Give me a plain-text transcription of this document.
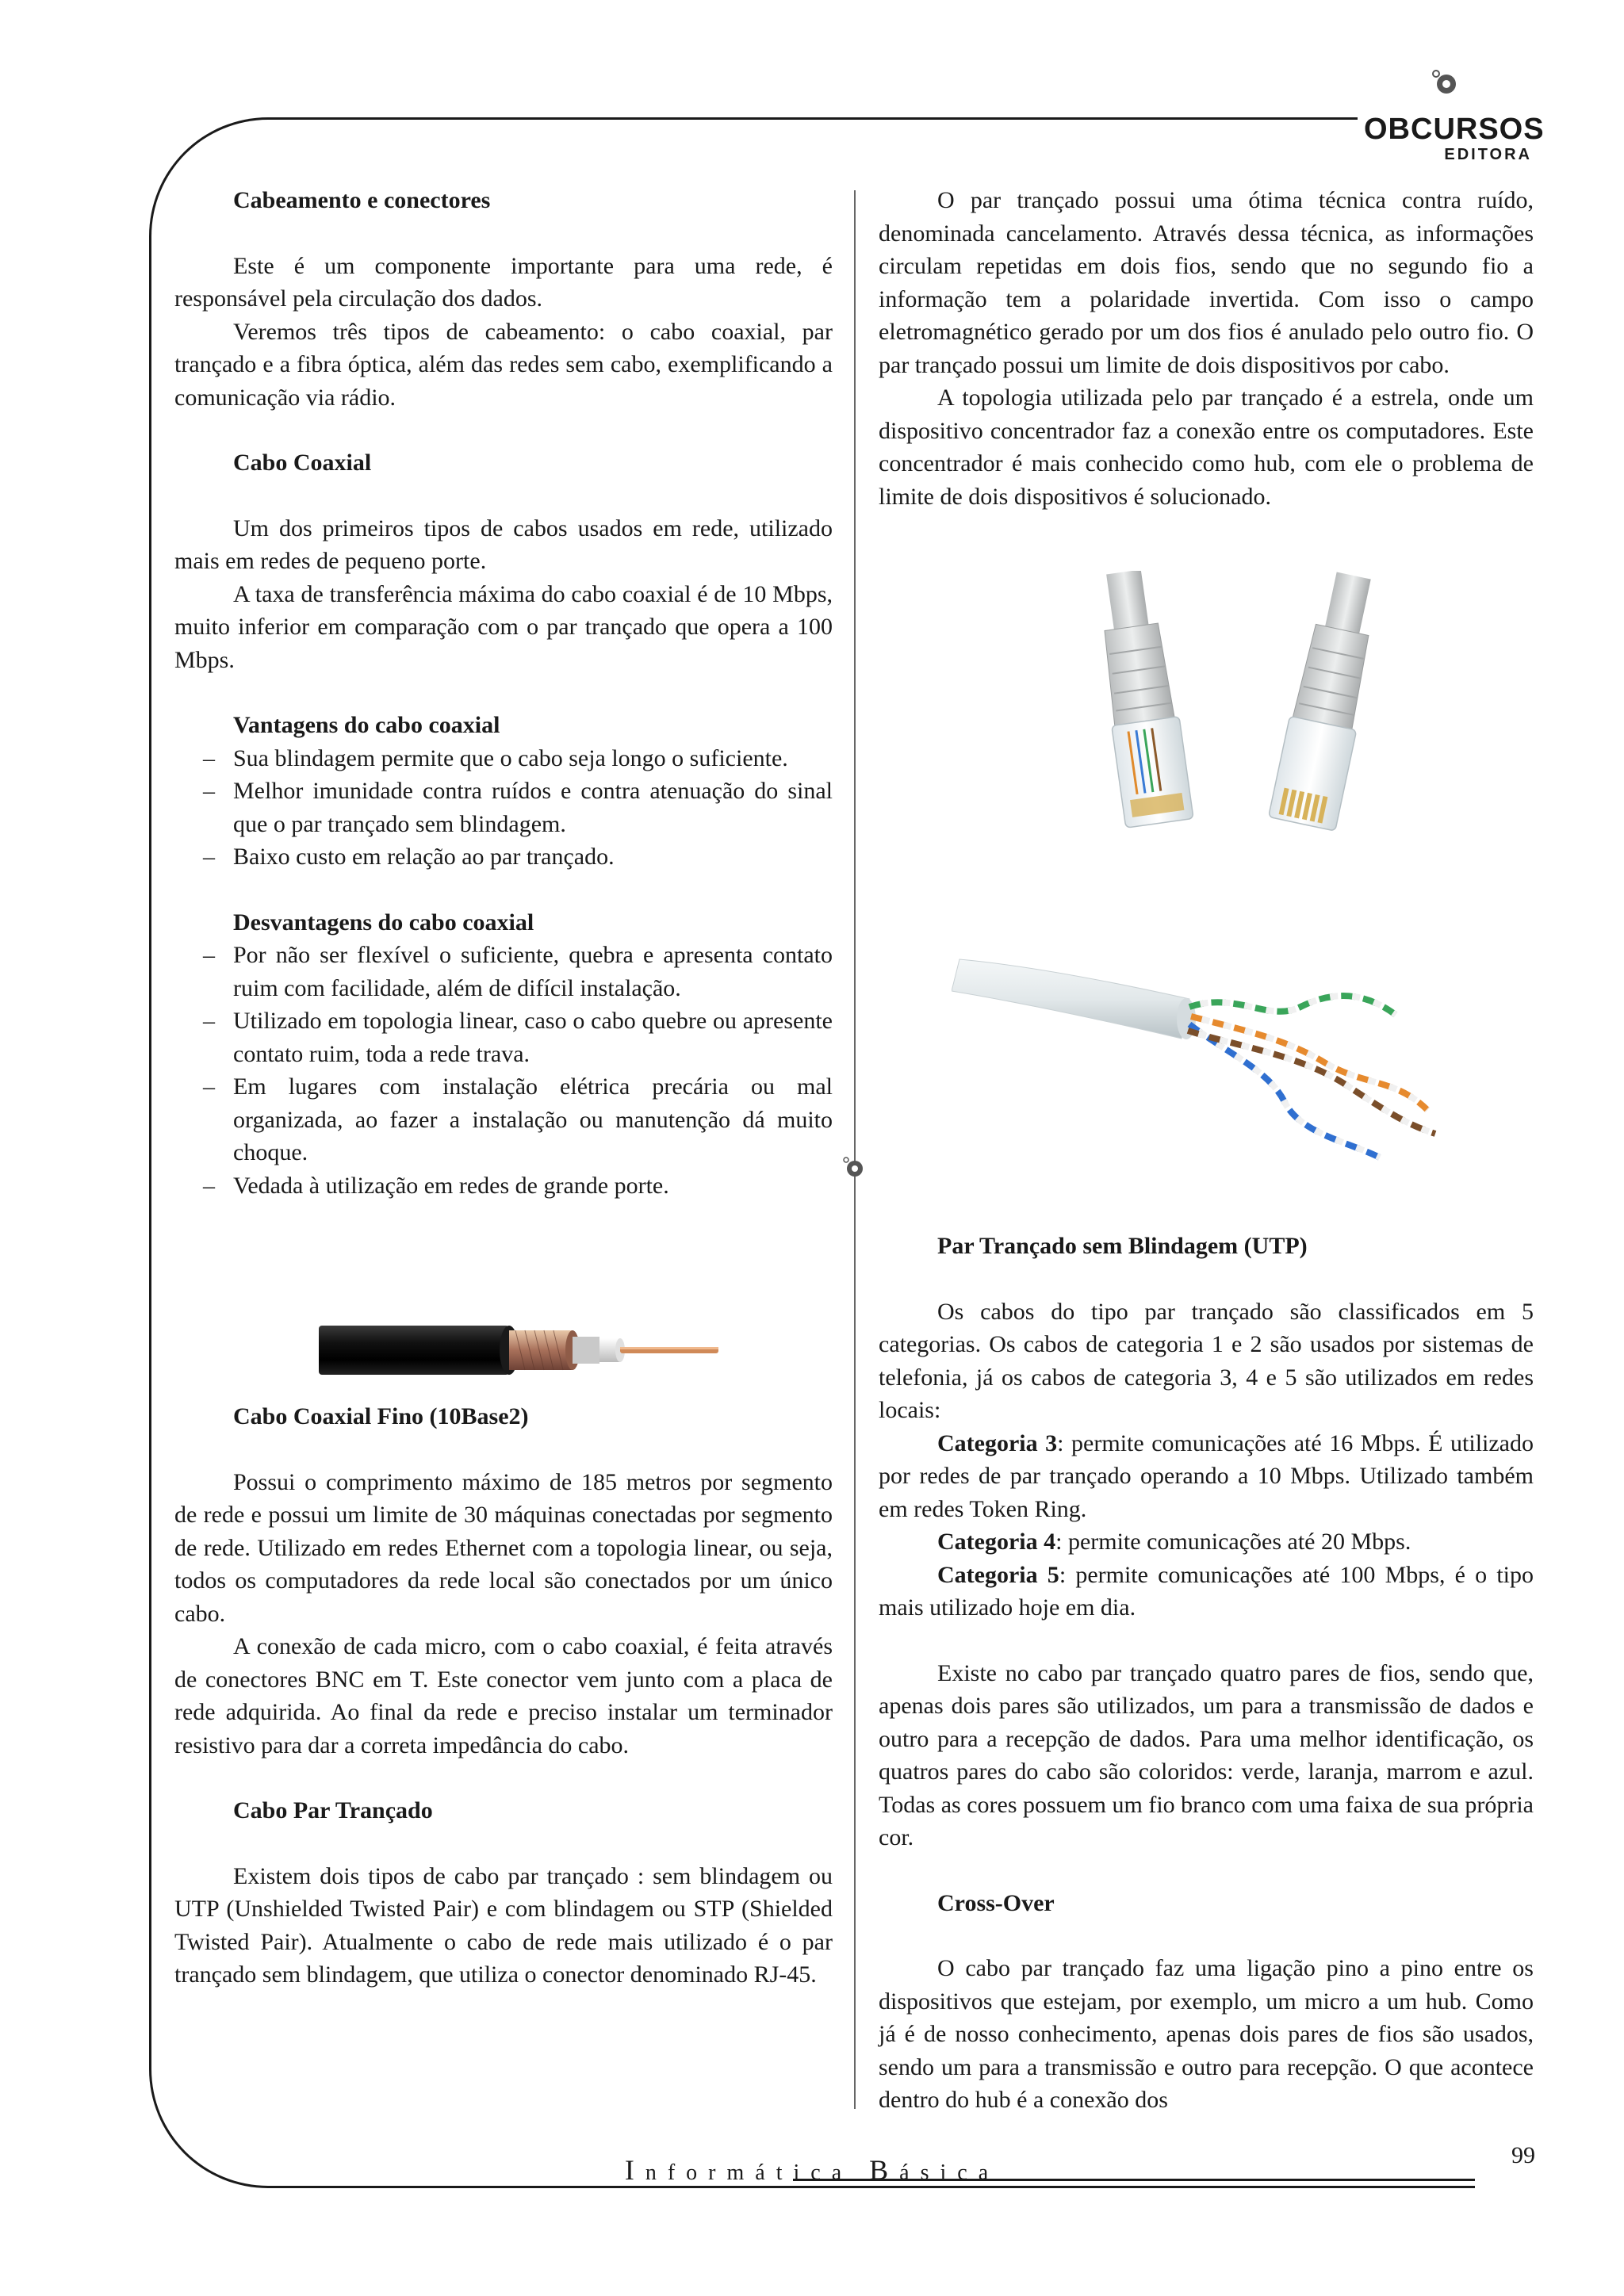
OBCURSOS
EDITORA
Cabeamento e conectores

Este é um componente importante para uma rede, é responsável pela circulação dos dados.

Veremos três tipos de cabeamento: o cabo coaxial, par trançado e a fibra óptica, além das redes sem cabo, exemplificando a comunicação via rádio.

Cabo Coaxial

Um dos primeiros tipos de cabos usados em rede, utilizado mais em redes de pequeno porte.

A taxa de transferência máxima do cabo coaxial é de 10 Mbps, muito inferior em comparação com o par trançado que opera a 100 Mbps.

Vantagens do cabo coaxial
– Sua blindagem permite que o cabo seja longo o suficiente.
– Melhor imunidade contra ruídos e contra atenuação do sinal que o par trançado sem blindagem.
– Baixo custo em relação ao par trançado.
Desvantagens do cabo coaxial
– Por não ser flexível o suficiente, quebra e apresenta contato ruim com facilidade, além de difícil instalação.
– Utilizado em topologia linear, caso o cabo quebre ou apresente contato ruim, toda a rede trava.
– Em lugares com instalação elétrica precária ou mal organizada, ao fazer a instalação ou manutenção dá muito choque.
– Vedada à utilização em redes de grande porte.
Cabo Coaxial Fino (10Base2)

Possui o comprimento máximo de 185 metros por segmento de rede e possui um limite de 30 máquinas conectadas por segmento de rede. Utilizado em redes Ethernet com a topologia linear, ou seja, todos os computadores da rede local são conectados por um único cabo.

A conexão de cada micro, com o cabo coaxial, é feita através de conectores BNC em T. Este conector vem junto com a placa de rede adquirida. Ao final da rede e preciso instalar um terminador resistivo para dar a correta impedância do cabo.

Cabo Par Trançado

Existem dois tipos de cabo par trançado : sem blindagem ou UTP (Unshielded Twisted Pair) e com blindagem ou STP (Shielded Twisted Pair). Atualmente o cabo de rede mais utilizado é o par trançado sem blindagem, que utiliza o conector denominado RJ-45.

O par trançado possui uma ótima técnica contra ruído, denominada cancelamento. Através dessa técnica, as informações circulam repetidas em dois fios, sendo que no segundo fio a informação tem a polaridade invertida. Com isso o campo eletromagnético gerado por um dos fios é anulado pelo outro fio. O par trançado possui um limite de dois dispositivos por cabo.

A topologia utilizada pelo par trançado é a estrela, onde um dispositivo concentrador faz a conexão entre os computadores. Este concentrador é mais conhecido como hub, com ele o problema de limite de dois dispositivos é solucionado.

Par Trançado sem Blindagem (UTP)

Os cabos do tipo par trançado são classificados em 5 categorias. Os cabos de categoria 1 e 2 são usados por sistemas de telefonia, já os cabos de categoria 3, 4 e 5 são utilizados em redes locais:

Categoria 3: permite comunicações até 16 Mbps. É utilizado por redes de par trançado operando a 10 Mbps. Utilizado também em redes Token Ring.

Categoria 4: permite comunicações até 20 Mbps.

Categoria 5: permite comunicações até 100 Mbps, é o tipo mais utilizado hoje em dia.

Existe no cabo par trançado quatro pares de fios, sendo que, apenas dois pares são utilizados, um para a transmissão de dados e outro para a recepção de dados. Para uma melhor identificação, os quatros pares do cabo são coloridos: verde, laranja, marrom e azul. Todas as cores possuem um fio branco com uma faixa de sua própria cor.

Cross-Over

O cabo par trançado faz uma ligação pino a pino entre os dispositivos que estejam, por exemplo, um micro a um hub. Como já é de nosso conhecimento, apenas dois pares de fios são usados, sendo um para a transmissão e outro para recepção. O que acontece dentro do hub é a conexão dos

99
Informática Básica
